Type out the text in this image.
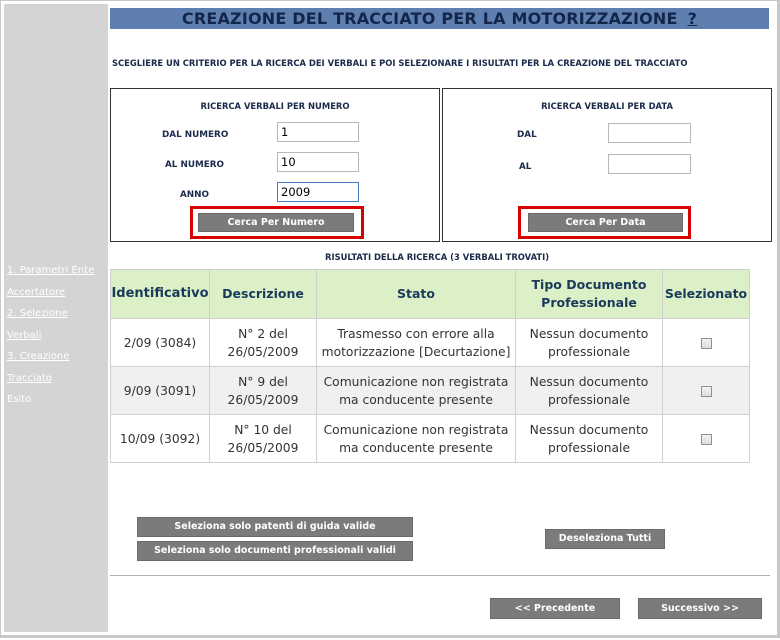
1. Parametri Ente
Accertatore
2. Selezione
Verbali
3. Creazione
Tracciato
Esito
CREAZIONE DEL TRACCIATO PER LA MOTORIZZAZIONE ?
SCEGLIERE UN CRITERIO PER LA RICERCA DEI VERBALI E POI SELEZIONARE I RISULTATI PER LA CREAZIONE DEL TRACCIATO
RICERCA VERBALI PER NUMERO
DAL NUMERO	1
AL NUMERO	10
ANNO	2009
Cerca Per Numero
RICERCA VERBALI PER DATA
DAL
AL
Cerca Per Data
RISULTATI DELLA RICERCA (3 VERBALI TROVATI)
Identificativo	Descrizione	Stato	Tipo Documento Professionale	Selezionato
2/09 (3084)	N° 2 del 26/05/2009	Trasmesso con errore alla motorizzazione [Decurtazione]	Nessun documento professionale	
9/09 (3091)	N° 9 del 26/05/2009	Comunicazione non registrata ma conducente presente	Nessun documento professionale	
10/09 (3092)	N° 10 del 26/05/2009	Comunicazione non registrata ma conducente presente	Nessun documento professionale	
Seleziona solo patenti di guida valide
Seleziona solo documenti professionali validi
Deseleziona Tutti
<< Precedente	Successivo >>
